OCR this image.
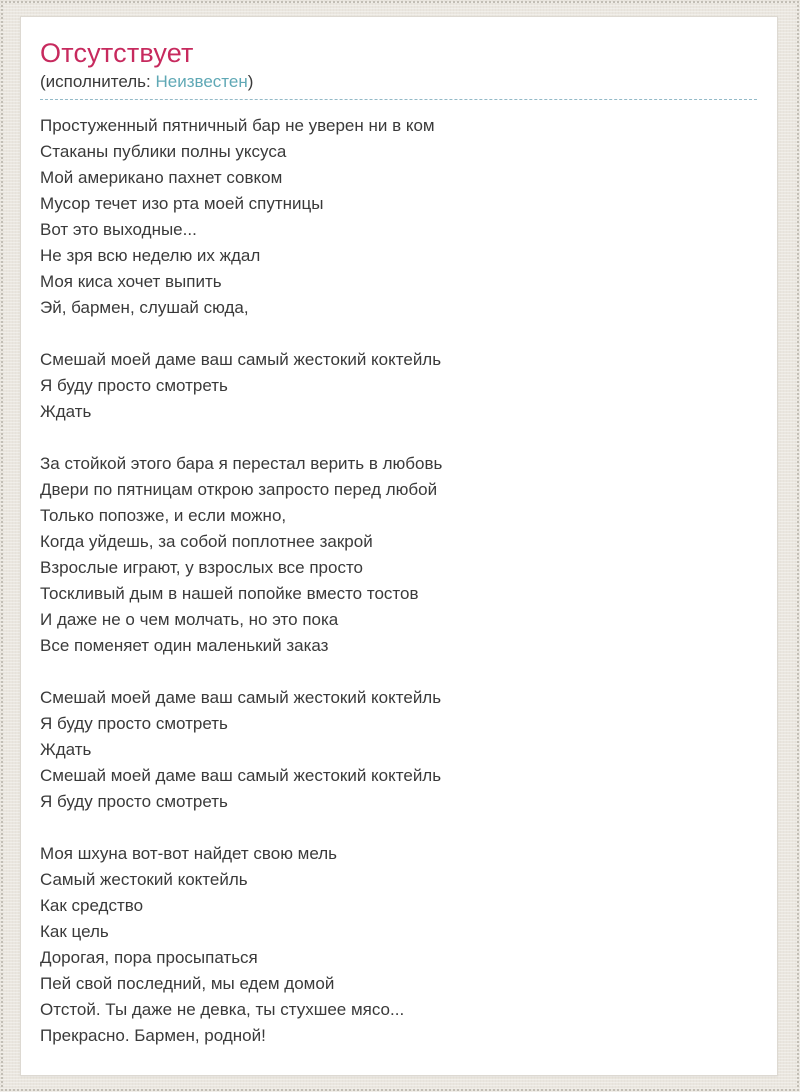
Отсутствует
(исполнитель: Неизвестен)
Простуженный пятничный бар не уверен ни в ком
Стаканы публики полны уксуса
Мой американо пахнет совком
Мусор течет изо рта моей спутницы
Вот это выходные...
Не зря всю неделю их ждал
Моя киса хочет выпить
Эй, бармен, слушай сюда,

Смешай моей даме ваш самый жестокий коктейль
Я буду просто смотреть
Ждать

За стойкой этого бара я перестал верить в любовь
Двери по пятницам открою запросто перед любой
Только попозже, и если можно,
Когда уйдешь, за собой поплотнее закрой
Взрослые играют, у взрослых все просто
Тоскливый дым в нашей попойке вместо тостов
И даже не о чем молчать, но это пока
Все поменяет один маленький заказ

Смешай моей даме ваш самый жестокий коктейль
Я буду просто смотреть
Ждать
Смешай моей даме ваш самый жестокий коктейль
Я буду просто смотреть

Моя шхуна вот-вот найдет свою мель
Самый жестокий коктейль
Как средство
Как цель
Дорогая, пора просыпаться
Пей свой последний, мы едем домой
Отстой. Ты даже не девка, ты стухшее мясо...
Прекрасно. Бармен, родной!
